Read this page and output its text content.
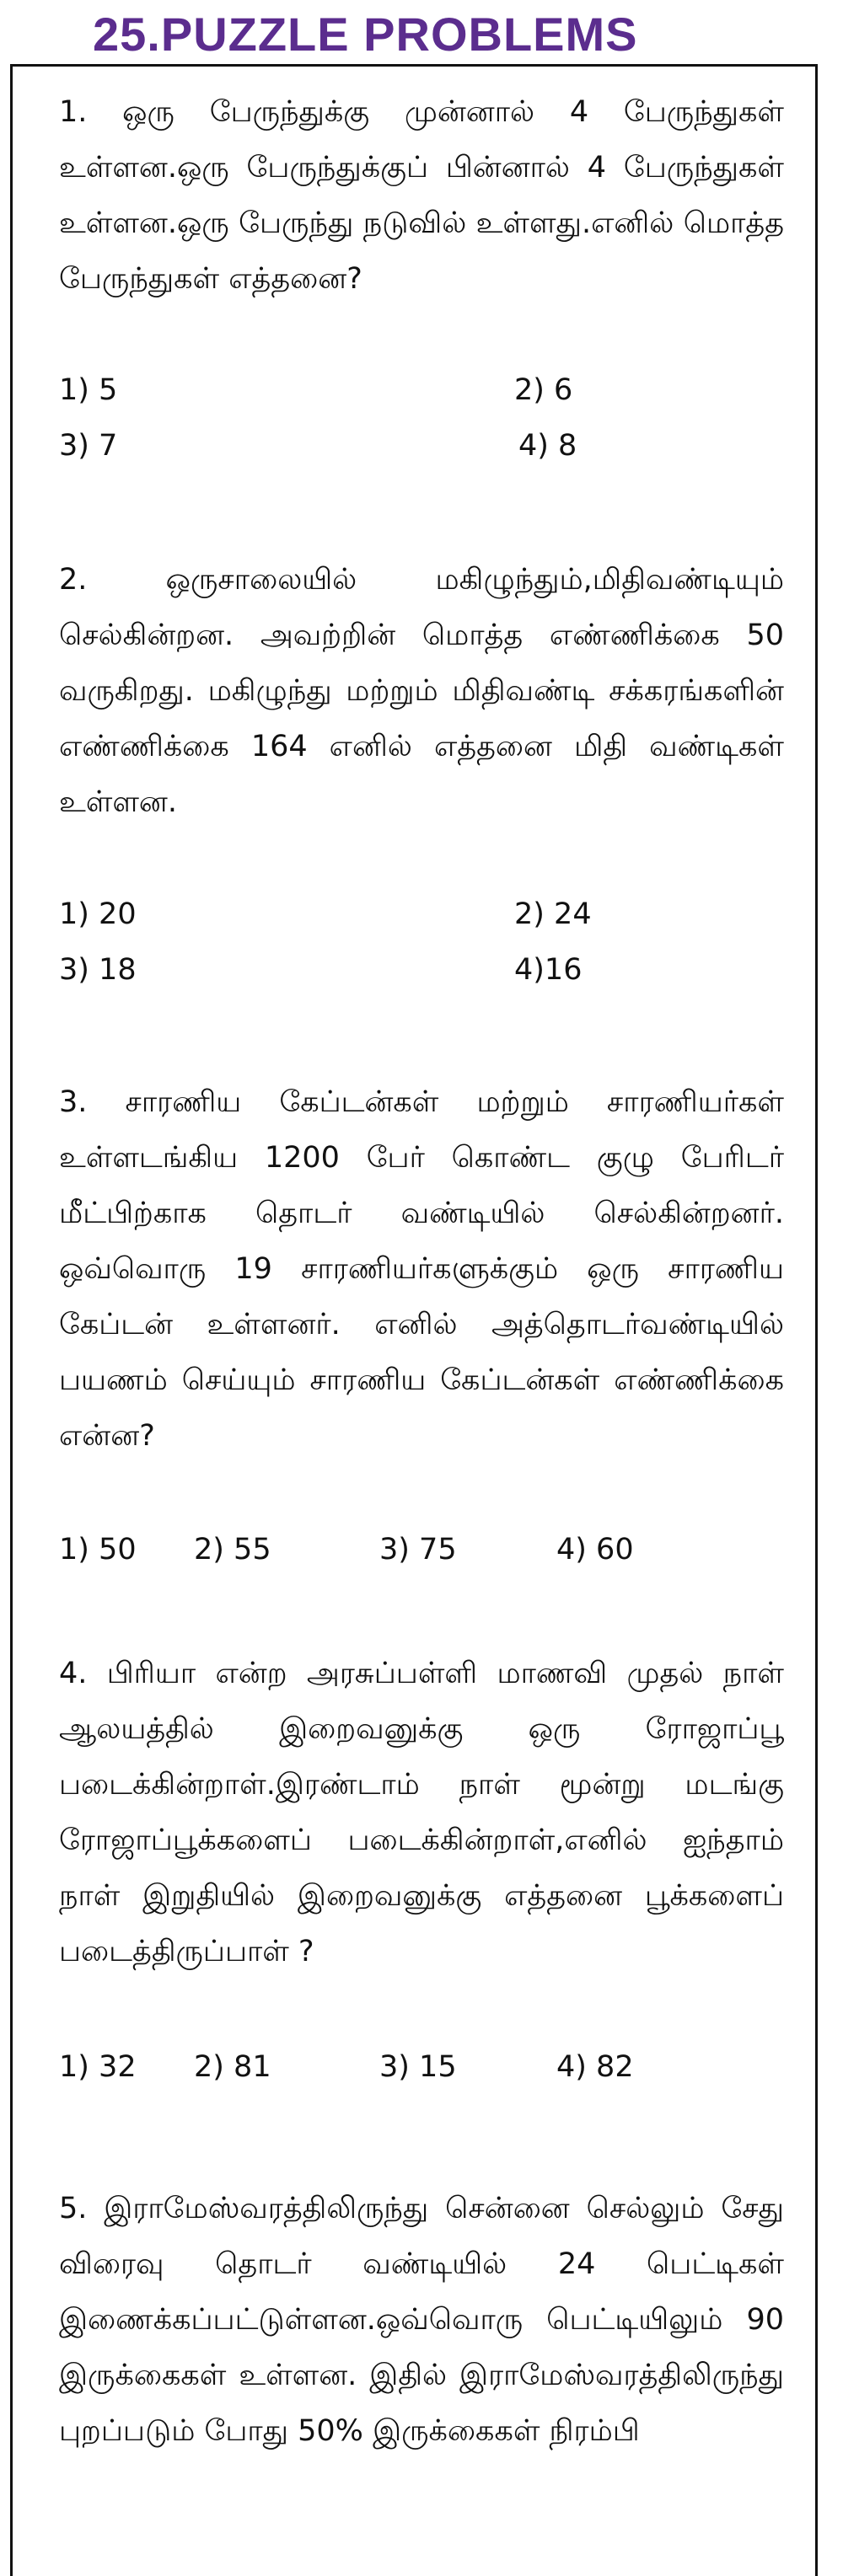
25.PUZZLE PROBLEMS

1. ஒரு பேருந்துக்கு முன்னால் 4 பேருந்துகள் உள்ளன.ஒரு பேருந்துக்குப் பின்னால் 4 பேருந்துகள் உள்ளன.ஒரு பேருந்து நடுவில் உள்ளது.எனில் மொத்த பேருந்துகள் எத்தனை?

1) 5	2) 6
3) 7	4) 8

2. ஒருசாலையில் மகிழுந்தும்,மிதிவண்டியும் செல்கின்றன. அவற்றின் மொத்த எண்ணிக்கை 50 வருகிறது. மகிழுந்து மற்றும் மிதிவண்டி சக்கரங்களின் எண்ணிக்கை 164 எனில் எத்தனை மிதி வண்டிகள் உள்ளன.

1) 20	2) 24
3) 18	4)16

3. சாரணிய கேப்டன்கள் மற்றும் சாரணியர்கள் உள்ளடங்கிய 1200 பேர் கொண்ட குழு பேரிடர் மீட்பிற்காக தொடர் வண்டியில் செல்கின்றனர். ஒவ்வொரு 19 சாரணியர்களுக்கும் ஒரு சாரணிய கேப்டன் உள்ளனர். எனில் அத்தொடர்வண்டியில் பயணம் செய்யும் சாரணிய கேப்டன்கள் எண்ணிக்கை என்ன?

1) 50 2) 55	3) 75	4) 60

4. பிரியா என்ற அரசுப்பள்ளி மாணவி முதல் நாள் ஆலயத்தில் இறைவனுக்கு ஒரு ரோஜாப்பூ படைக்கின்றாள்.இரண்டாம் நாள் மூன்று மடங்கு ரோஜாப்பூக்களைப் படைக்கின்றாள்,எனில் ஐந்தாம் நாள் இறுதியில் இறைவனுக்கு எத்தனை பூக்களைப் படைத்திருப்பாள் ?

1) 32 2) 81	3) 15	4) 82

5. இராமேஸ்வரத்திலிருந்து சென்னை செல்லும் சேது விரைவு தொடர் வண்டியில் 24 பெட்டிகள் இணைக்கப்பட்டுள்ளன.ஒவ்வொரு பெட்டியிலும் 90 இருக்கைகள் உள்ளன. இதில் இராமேஸ்வரத்திலிருந்து புறப்படும் போது 50% இருக்கைகள் நிரம்பி
